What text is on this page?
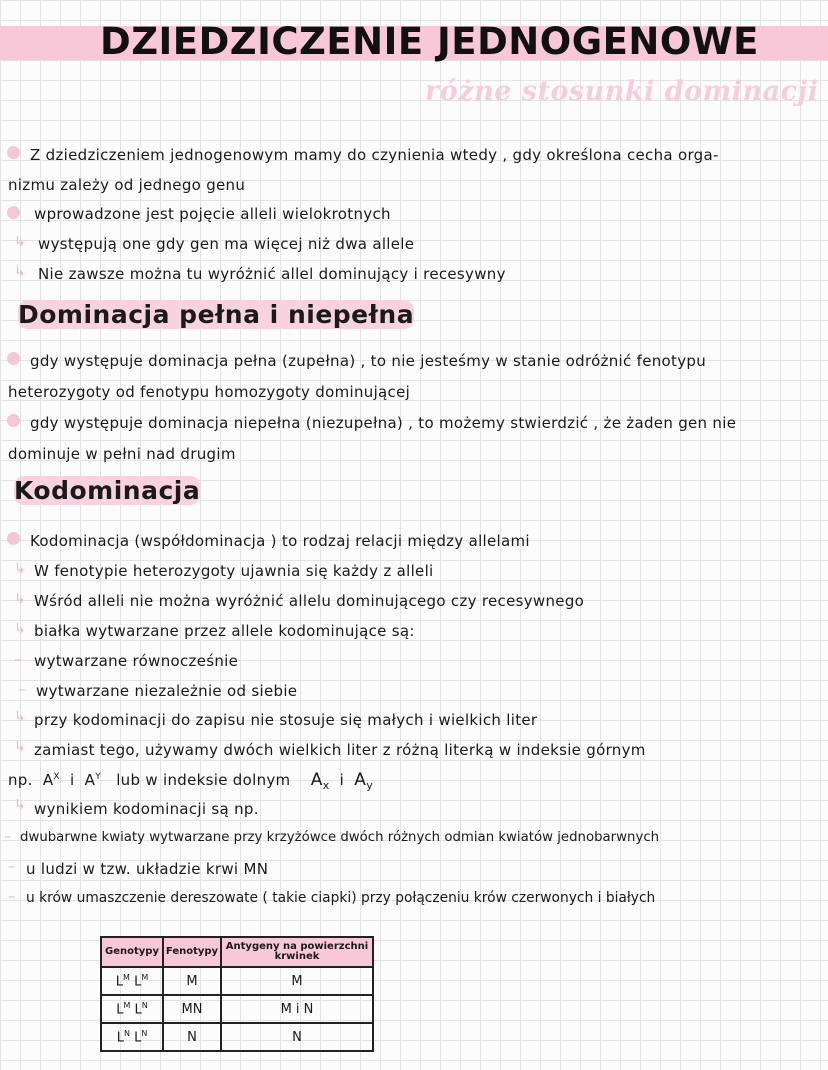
DZIEDZICZENIE JEDNOGENOWE
różne stosunki dominacji
Z dziedziczeniem jednogenowym mamy do czynienia wtedy , gdy określona cecha orga-
nizmu zależy od jednego genu
wprowadzone jest pojęcie alleli wielokrotnych
↳ występują one gdy gen ma więcej niż dwa allele
↳ Nie zawsze można tu wyróżnić allel dominujący i recesywny
Dominacja pełna i niepełna
gdy występuje dominacja pełna (zupełna) , to nie jesteśmy w stanie odróżnić fenotypu
heterozygoty od fenotypu homozygoty dominującej
gdy występuje dominacja niepełna (niezupełna) , to możemy stwierdzić , że żaden gen nie
dominuje w pełni nad drugim
Kodominacja
Kodominacja (współdominacja ) to rodzaj relacji między allelami
↳ W fenotypie heterozygoty ujawnia się każdy z alleli
↳ Wśród alleli nie można wyróżnić allelu dominującego czy recesywnego
↳ białka wytwarzane przez allele kodominujące są:
– wytwarzane równocześnie
– wytwarzane niezależnie od siebie
↳ przy kodominacji do zapisu nie stosuje się małych i wielkich liter
↳ zamiast tego, używamy dwóch wielkich liter z różną literką w indeksie górnym
np. $A^X$ i $A^Y$ lub w indeksie dolnym $A_x$ i $A_y$
↳ wynikiem kodominacji są np.
– dwubarwne kwiaty wytwarzane przy krzyżówce dwóch różnych odmian kwiatów jednobarwnych
– u ludzi w tzw. układzie krwi MN
– u krów umaszczenie dereszowate ( takie ciapki) przy połączeniu krów czerwonych i białych
Genotypy	Fenotypy	Antygeny na powierzchni krwinek
$L^M$ $L^M$	M	M
$L^M$ $L^N$	MN	M i N
$L^N$ $L^N$	N	N
